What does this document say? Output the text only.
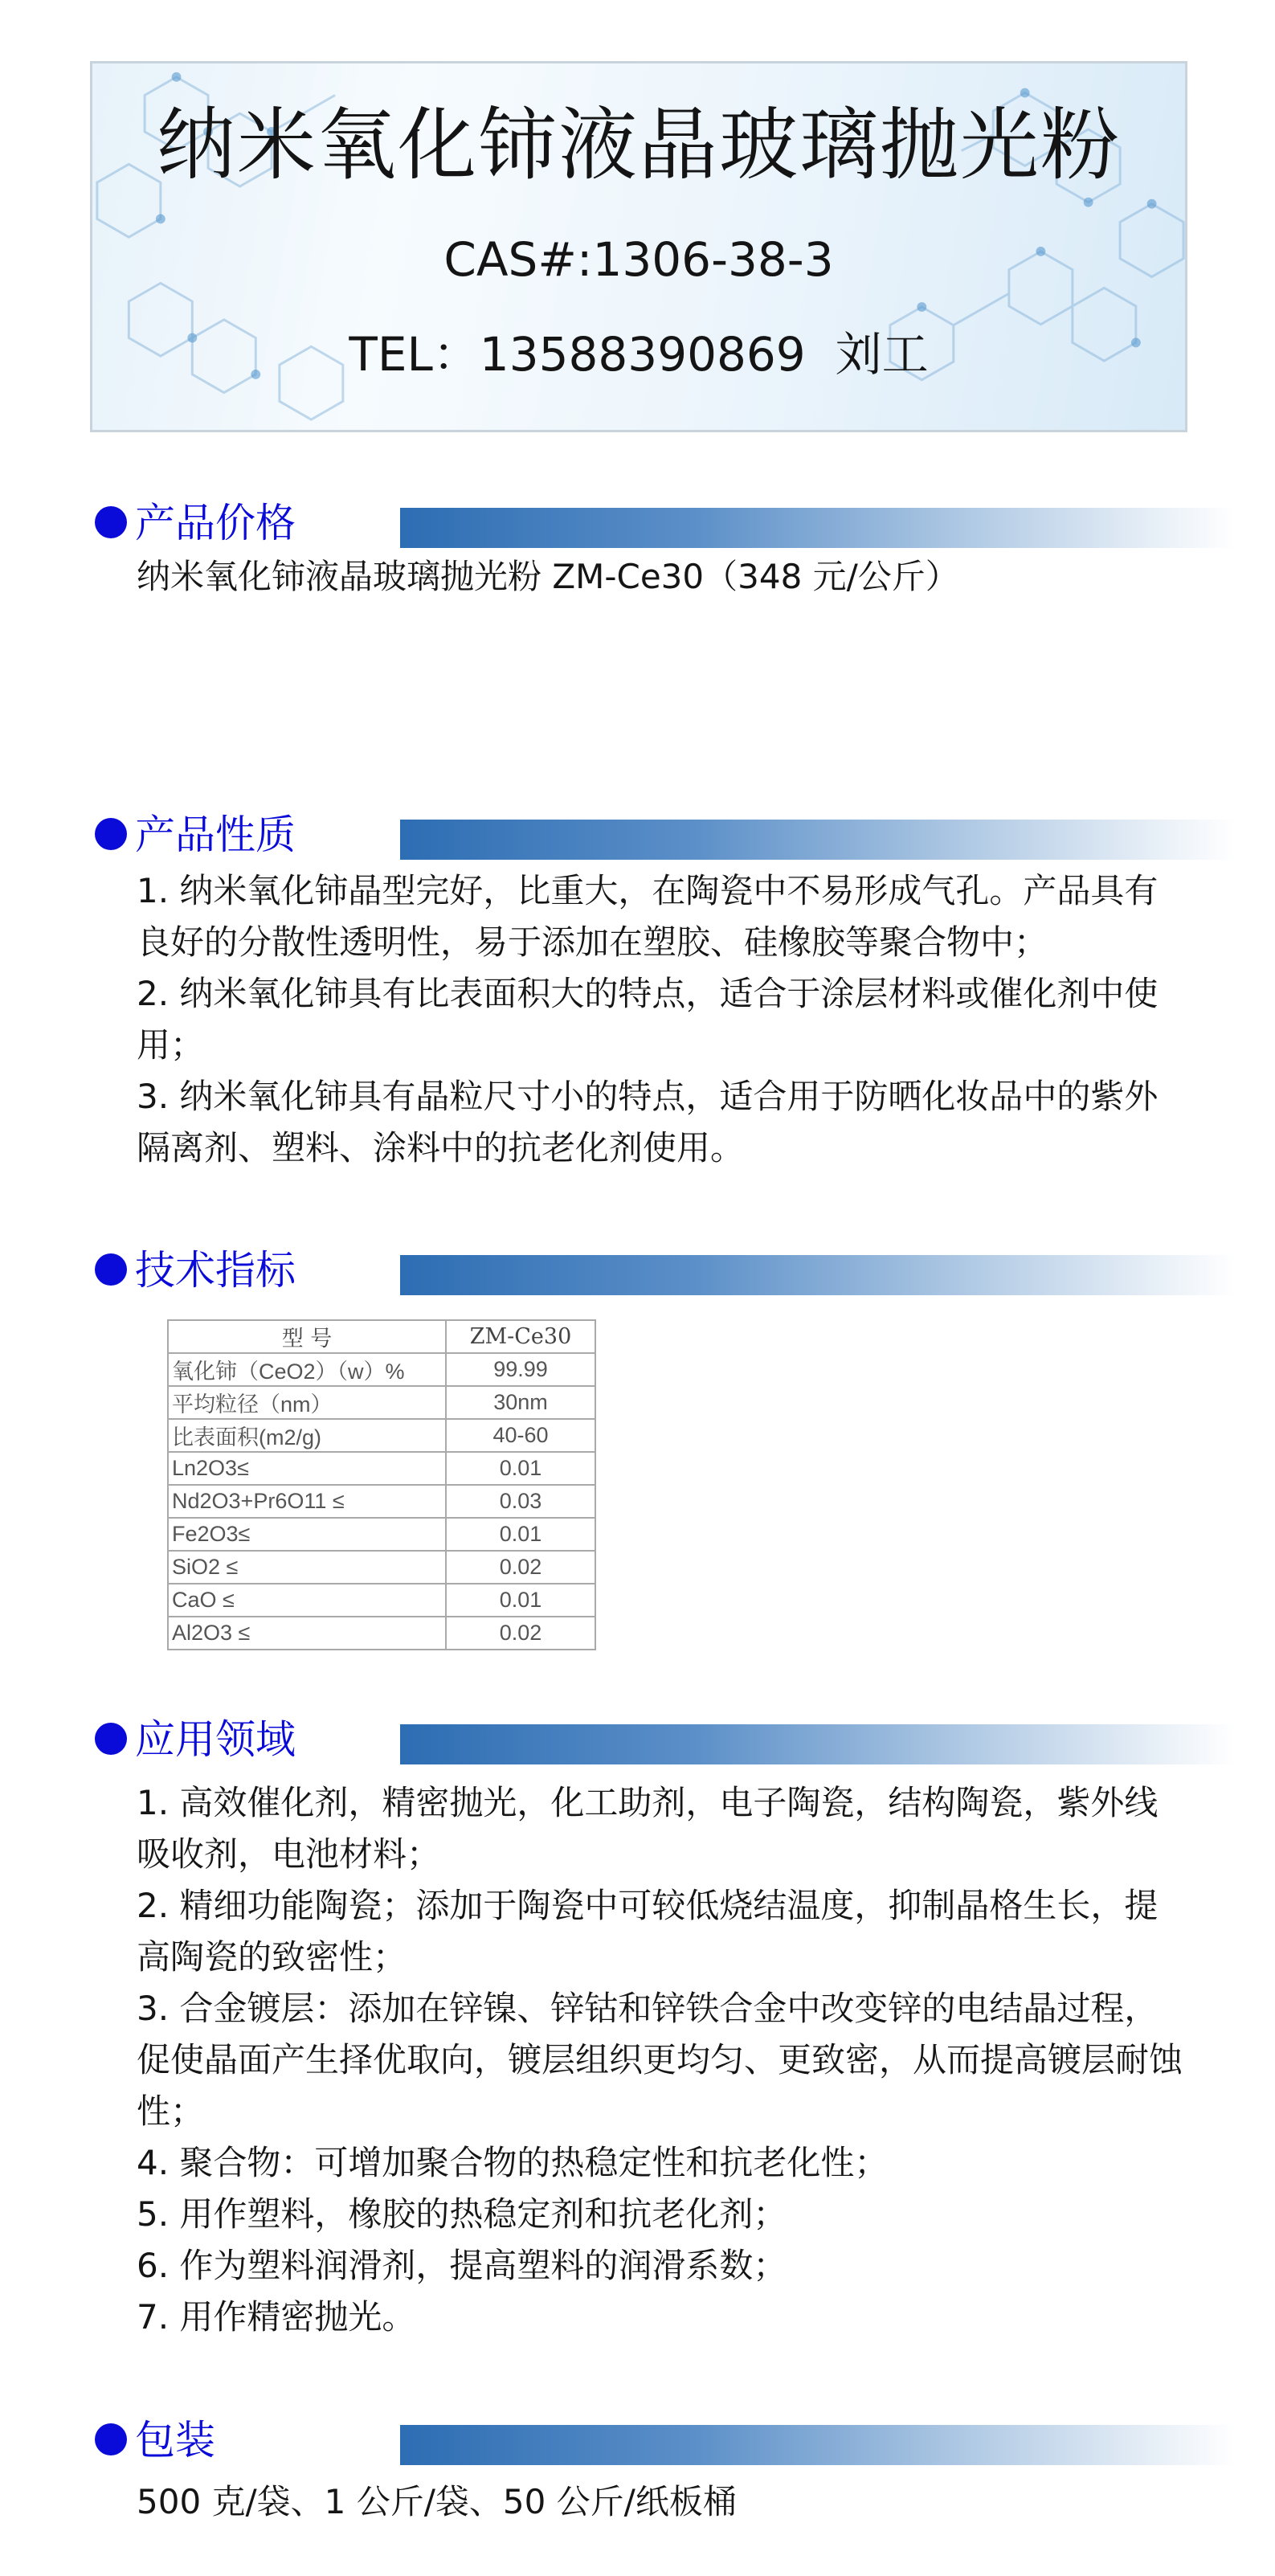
纳米氧化铈液晶玻璃抛光粉
CAS#:1306-38-3
TEL：13588390869  刘工
产品价格

纳米氧化铈液晶玻璃抛光粉 ZM-Ce30（348 元/公斤）

产品性质

1. 纳米氧化铈晶型完好，比重大，在陶瓷中不易形成气孔。产品具有良好的分散性透明性，易于添加在塑胶、硅橡胶等聚合物中；

2. 纳米氧化铈具有比表面积大的特点，适合于涂层材料或催化剂中使用；

3. 纳米氧化铈具有晶粒尺寸小的特点，适合用于防晒化妆品中的紫外隔离剂、塑料、涂料中的抗老化剂使用。

技术指标
型 号	ZM-Ce30
氧化铈（CeO2）（w）%	99.99
平均粒径（nm）	30nm
比表面积(m2/g)	40-60
Ln2O3≤	0.01
Nd2O3+Pr6O11 ≤	0.03
Fe2O3≤	0.01
SiO2 ≤	0.02
CaO ≤	0.01
Al2O3 ≤	0.02
应用领域

1. 高效催化剂，精密抛光，化工助剂，电子陶瓷，结构陶瓷，紫外线吸收剂，电池材料；

2. 精细功能陶瓷；添加于陶瓷中可较低烧结温度，抑制晶格生长，提高陶瓷的致密性；

3. 合金镀层：添加在锌镍、锌钴和锌铁合金中改变锌的电结晶过程，促使晶面产生择优取向，镀层组织更均匀、更致密，从而提高镀层耐蚀性；

4. 聚合物：可增加聚合物的热稳定性和抗老化性；

5. 用作塑料，橡胶的热稳定剂和抗老化剂；

6. 作为塑料润滑剂，提高塑料的润滑系数；

7. 用作精密抛光。

包装

500 克/袋、1 公斤/袋、50 公斤/纸板桶
